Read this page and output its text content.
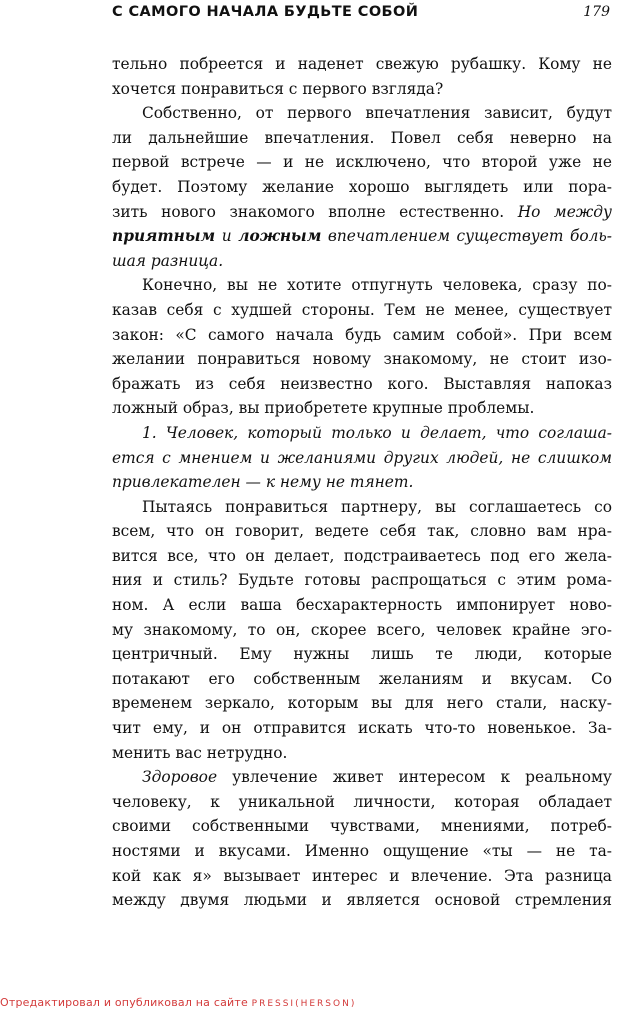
С САМОГО НАЧАЛА БУДЬТЕ СОБОЙ	179
тельно побреется и наденет свежую рубашку. Кому не
хочется понравиться с первого взгляда?
Собственно, от первого впечатления зависит, будут
ли дальнейшие впечатления. Повел себя неверно на
первой встрече — и не исключено, что второй уже не
будет. Поэтому желание хорошо выглядеть или пора-
зить нового знакомого вполне естественно. Но между
приятным и ложным впечатлением существует боль-
шая разница.
Конечно, вы не хотите отпугнуть человека, сразу по-
казав себя с худшей стороны. Тем не менее, существует
закон: «С самого начала будь самим собой». При всем
желании понравиться новому знакомому, не стоит изо-
бражать из себя неизвестно кого. Выставляя напоказ
ложный образ, вы приобретете крупные проблемы.
1. Человек, который только и делает, что соглаша-
ется с мнением и желаниями других людей, не слишком
привлекателен — к нему не тянет.
Пытаясь понравиться партнеру, вы соглашаетесь со
всем, что он говорит, ведете себя так, словно вам нра-
вится все, что он делает, подстраиваетесь под его жела-
ния и стиль? Будьте готовы распрощаться с этим рома-
ном. А если ваша бесхарактерность импонирует ново-
му знакомому, то он, скорее всего, человек крайне эго-
центричный. Ему нужны лишь те люди, которые
потакают его собственным желаниям и вкусам. Со
временем зеркало, которым вы для него стали, наску-
чит ему, и он отправится искать что-то новенькое. За-
менить вас нетрудно.
Здоровое увлечение живет интересом к реальному
человеку, к уникальной личности, которая обладает
своими собственными чувствами, мнениями, потреб-
ностями и вкусами. Именно ощущение «ты — не та-
кой как я» вызывает интерес и влечение. Эта разница
между двумя людьми и является основой стремления
Отредактировал и опубликовал на сайте PRESSI(HERSON)
